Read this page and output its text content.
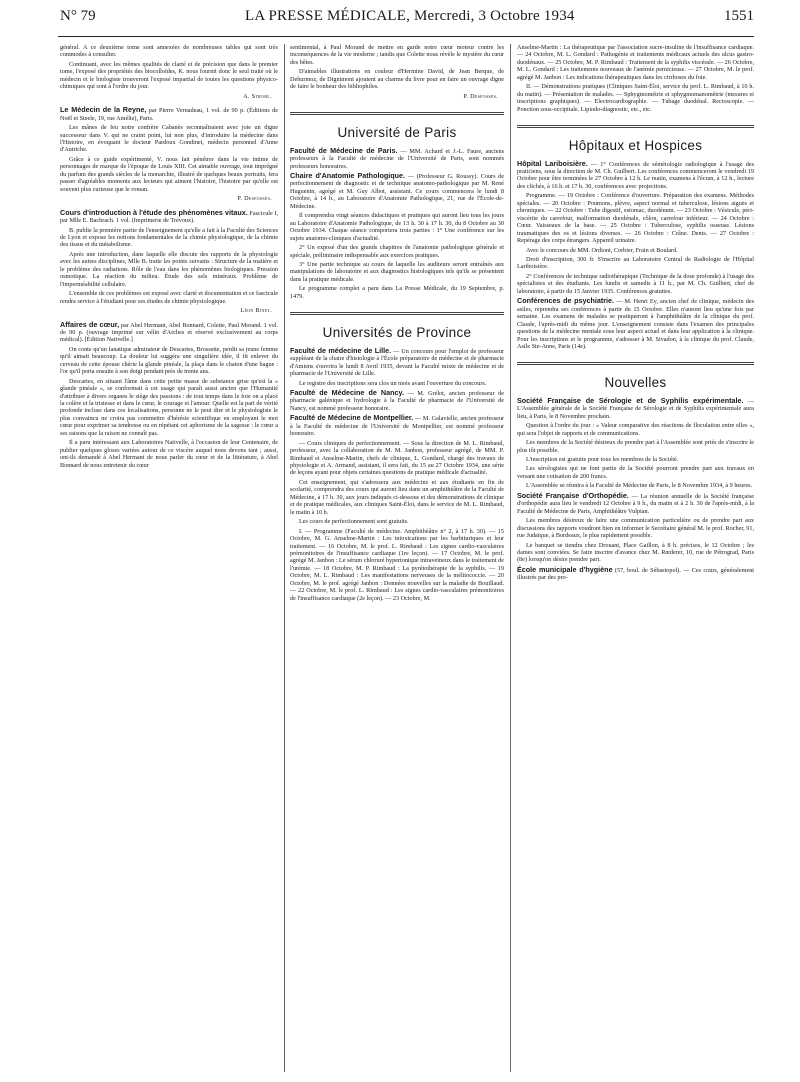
N° 79	LA PRESSE MÉDICALE, Mercredi, 3 Octobre 1934	1551

général. A ce deuxième tome sont annexées de nombreuses tables qui sont très commodes à consulter.

Continuant, avec les mêmes qualités de clarté et de précision que dans le premier tome, l'exposé des propriétés des biocolloïdes, K. nous fournit donc le seul traité où le médecin et le biologiste trouveront l'exposé impartial de toutes les questions physico-chimiques qui sont à l'ordre du jour.

A. Strohl.

Le Médecin de la Reyne, par Pierre Vernadeau, 1 vol. de 90 p. (Éditions de Noël et Steele, 19, rue Amélie), Paris.

Les mânes de feu notre confrère Cabanès reconnaîtraient avec joie un digne successeur dans V. qui ne craint point, lui non plus, d'introduire la médecine dans l'Histoire, en évoquant le docteur Pardoux Gondinet, médecin personnel d'Anne d'Autriche.

Grâce à ce guide expérimenté, V. nous fait pénétrer dans la vie intime de personnages de marque de l'époque de Louis XIII. Cet aimable ouvrage, tout imprégné du parfum des grands siècles de la monarchie, illustré de quelques beaux portraits, fera passer d'agréables moments aux lecteurs qui aiment l'histoire, l'histoire par qu'elle est souvent plus curieuse que le roman.

P. Desfosses.

Cours d'introduction à l'étude des phénomènes vitaux. Fascicule I, par Mlle E. Bachrach. 1 vol. (Imprimerie de Trévoux).

B. publie la première partie de l'enseignement qu'elle a fait à la Faculté des Sciences de Lyon et expose les notions fondamentales de la chimie physiologique, de la chimie des tissus et du métabolisme.

Après une introduction, dans laquelle elle discute des rapports de la physiologie avec les autres disciplines, Mlle B. traite les points suivants : Structure de la matière et le problème des radiations. Rôle de l'eau dans les phénomènes biologiques. Pression osmotique. La réaction du milieu. Étude des sels minéraux. Problème de l'imperméabilité cellulaire.

L'ensemble de ces problèmes est exposé avec clarté et documentation et ce fascicule rendra service à l'étudiant pour ses études de chimie physiologique.

Léon Binet.

Affaires de cœur, par Abel Hermant, Abel Bonnard, Colette, Paul Morand. 1 vol. de 90 p. (ouvrage imprimé sur vélin d'Arches et réservé exclusivement au corps médical). [Édition Nativelle.]

On conte qu'un fanatique admirateur de Descartes, Brossette, perdit sa jeune femme qu'il aimait beaucoup. La douleur lui suggéra une singulière idée, il fit enlever du cerveau de cette épouse chérie la glande pinéale, la plaça dans le chaton d'une bague : l'or qu'il porta ensuite à son doigt pendant près de trente ans.

Descartes, en situant l'âme dans cette petite masse de substance grise qu'est la « glande pinéale », se conformait à cet usage qui paraît aussi ancien que l'Humanité d'attribuer à divers organes le siège des passions : de tout temps dans le foie on a placé la colère et la tristesse et dans le cœur, le courage et l'amour. Quelle est la part de vérité profonde incluse dans ces localisations, personne ne le peut dire et le physiologiste le plus convaincu ne croira pas commettre d'hérésie scientifique en employant le mot cœur pour exprimer sa tendresse ou en répétant cet aphorisme de la sagesse : le cœur a ses raisons que la raison ne connaît pas.

Il a paru intéressant aux Laboratoires Nativelle, à l'occasion de leur Centenaire, de publier quelques gloses variées autour de ce viscère auquel nous devons tant ; aussi, ont-ils demandé à Abel Hermant de nous parler du cœur et de la littérature, à Abel Bonnard de nous entretenir du cœur

sentimental, à Paul Morand de mettre en garde notre cœur moteur contre les inconséquences de la vie moderne ; tandis que Colette nous révèle le mystère du cœur des bêtes.

D'aimables illustrations en couleur d'Hermine David, de Jean Berque, de Dehurmoz, de Dignimont ajoutent au charme du livre pour en faire un ouvrage digne de faire le bonheur des bibliophiles.

P. Desfosses.
Université de Paris

Faculté de Médecine de Paris. — MM. Achard et J.-L. Faure, anciens professeurs à la Faculté de médecine de l'Université de Paris, sont nommés professeurs honoraires.

Chaire d'Anatomie Pathologique. — (Professeur G. Roussy). Cours de perfectionnement de diagnostic et de technique anatomo-pathologique par M. René Huguenin, agrégé et M. Guy Albot, assistant. Ce cours commencera le lundi 8 Octobre, à 14 h., au Laboratoire d'Anatomie Pathologique, 21, rue de l'École-de-Médecine.

Il comprendra vingt séances didactiques et pratiques qui auront lieu tous les jours au Laboratoire d'Anatomie Pathologique, de 13 h. 30 à 17 h. 30, du 8 Octobre au 30 Octobre 1934. Chaque séance comportera trois parties : 1° Une conférence sur les sujets anatomo-cliniques d'actualité.

2° Un exposé d'un des grands chapitres de l'anatomie pathologique générale et spéciale, préliminaire indispensable aux exercices pratiques.

3° Une partie technique au cours de laquelle les auditeurs seront entraînés aux manipulations de laboratoire et aux diagnostics histologiques tels qu'ils se présentent dans la pratique médicale.

Le programme complet a paru dans La Presse Médicale, du 19 Septembre, p. 1479.

Universités de Province

Faculté de médecine de Lille. — Un concours pour l'emploi de professeur suppléant de la chaire d'histologie à l'École préparatoire de médecine et de pharmacie d'Amiens s'ouvrira le lundi 8 Avril 1935, devant la Faculté mixte de médecine et de pharmacie de l'Université de Lille.

Le registre des inscriptions sera clos un mois avant l'ouverture du concours.

Faculté de Médecine de Nancy. — M. Grélot, ancien professeur de pharmacie galénique et hydrologie à la Faculté de pharmacie de l'Université de Nancy, est nommé professeur honoraire.

Faculté de Médecine de Montpellier. — M. Galavielle, ancien professeur à la Faculté de médecine de l'Université de Montpellier, est nommé professeur honoraire.

— Cours cliniques de perfectionnement. — Sous la direction de M. L. Rimbaud, professeur, avec la collaboration de M. M. Janbon, professeur agrégé, de MM. P. Rimbaud et Anselme-Martin, chefs de clinique, L. Gondard, chargé des travaux de physiologie et A. Armand, assistant, il sera fait, du 15 au 27 Octobre 1934, une série de leçons ayant pour objets certaines questions de pratique médicale d'actualité.

Cet enseignement, qui s'adressera aux médecins et aux étudiants en fin de scolarité, comprendra des cours qui auront lieu dans un amphithéâtre de la Faculté de Médecine, à 17 h. 30, aux jours indiqués ci-dessous et des démonstrations de clinique et de pratique médicales, aux cliniques Saint-Éloi, dans le service de M. L. Rimbaud, le matin à 10 h.

Les cours de perfectionnement sont gratuits.

I. — Programme (Faculté de médecine. Amphithéâtre n° 2, à 17 h. 30). — 15 Octobre, M. G. Anselme-Martin : Les intoxications par les barbituriques et leur traitement. — 16 Octobre, M. le prof. L. Rimbaud : Les signes cardio-vasculaires prémonitoires de l'insuffisance cardiaque (1re leçon). — 17 Octobre, M. le prof. agrégé M. Janbon : Le sérum chloruré hypertonique intraveineux dans le traitement de l'urémie. — 18 Octobre, M. P. Rimbaud : La pyrétothérapie de la syphilis. — 19 Octobre, M. L. Rimbaud : Les manifestations nerveuses de la mélitococcie. — 20 Octobre, M. le prof. agrégé Janbon : Données nouvelles sur la maladie de Bouillaud. — 22 Octobre, M. le prof. L. Rimbaud : Les signes cardio-vasculaires prémonitoires de l'insuffisance cardiaque (2e leçon). — 23 Octobre, M.

Anselme-Martin : La thérapeutique par l'association sucre-insuline de l'insuffisance cardiaque. — 24 Octobre, M. L. Gondard : Pathogénie et traitements médicaux actuels des ulcus gastro-duodénaux. — 25 Octobre, M. P. Rimbaud : Traitement de la syphilis viscérale. — 26 Octobre, M. L. Gondard : Les traitements nouveaux de l'anémie pernicieuse. — 27 Octobre, M. le prof. agrégé M. Janbon : Les indications thérapeutiques dans les cirrhoses du foie.

II. — Démonstrations pratiques (Cliniques Saint-Éloi, service du prof. L. Rimbaud, à 10 h. du matin). — Présentation de malades. — Sphygmométrie et sphygmomanométrie (mesures et inscriptions graphiques). — Electrocardiographie. — Tubage duodénal. Rectoscopie. — Ponction sous-occipitale. Lipiodo-diagnostic, etc., etc.

Hôpitaux et Hospices

Hôpital Lariboisière. — 1° Conférences de séméiologie radiologique à l'usage des praticiens, sous la direction de M. Ch. Guilbert. Les conférences commenceront le vendredi 19 Octobre pour être terminées le 27 Octobre à 12 h. Le matin, examens à l'écran, à 12 h., lecture des clichés, à 16 h. et 17 h. 30, conférences avec projections.

Programme. — 19 Octobre : Conférence d'ouverture. Préparation des examens. Méthodes spéciales. — 20 Octobre : Poumons, plèvre, aspect normal et tuberculose, lésions aiguës et chroniques. — 22 Octobre : Tube digestif, estomac, duodénum. — 23 Octobre : Vésicule, péri-viscérite du carrefour, malformation duodénale, côlon, carrefour inférieur. — 24 Octobre : Cœur. Vaisseaux de la base. — 25 Octobre : Tuberculose, syphilis osseuse. Lésions traumatiques des os et lésions diverses. — 26 Octobre : Crâne. Dents. — 27 Octobre : Repérage des corps étrangers. Appareil urinaire.

Avec le concours de MM. Ordioni, Corbier, Frain et Boulard.

Droit d'inscription, 300 fr. S'inscrire au Laboratoire Central de Radiologie de l'Hôpital Lariboisière.

2° Conférences de technique radiothérapique (Technique de la dose profonde) à l'usage des spécialistes et des étudiants. Les lundis et samedis à 11 h., par M. Ch. Guilbert, chef de laboratoire, à partir du 15 Janvier 1935. Conférences gratuites.

Conférences de psychiatrie. — M. Henri Ey, ancien chef de clinique, médecin des asiles, reprendra ses conférences à partir du 15 Octobre. Elles n'auront lieu qu'une fois par semaine. Les examens de malades se pratiqueront à l'amphithéâtre de la clinique du prof. Claude, l'après-midi du même jour. L'enseignement consiste dans l'examen des principales questions de la médecine mentale sous leur aspect actuel et dans leur application à la clinique. Pour les inscriptions et le programme, s'adresser à M. Sivadon, à la clinique du prof. Claude, Asile Ste-Anne, Paris (14e).

Nouvelles

Société Française de Sérologie et de Syphilis expérimentale. — L'Assemblée générale de la Société Française de Sérologie et de Syphilis expérimentale aura lieu, à Paris, le 8 Novembre prochain.

Question à l'ordre du jour : « Valeur comparative des réactions de floculation entre elles », qui sera l'objet de rapports et de communications.

Les membres de la Société désireux de prendre part à l'Assemblée sont priés de s'inscrire le plus tôt possible.

L'inscription est gratuite pour tous les membres de la Société.

Les sérologistes qui ne font partie de la Société pourront prendre part aux travaux en versant une cotisation de 200 francs.

L'Assemblée se réunira à la Faculté de Médecine de Paris, le 8 Novembre 1934, à 9 heures.

Société Française d'Orthopédie. — La réunion annuelle de la Société française d'orthopédie aura lieu le vendredi 12 Octobre à 9 h., du matin et à 2 h. 30 de l'après-midi, à la Faculté de Médecine de Paris, Amphithéâtre Vulpian.

Les membres désireux de faire une communication particulière ou de prendre part aux discussions des rapports voudront bien en informer le Secrétaire général M. le prof. Rocher, 91, rue Judaïque, à Bordeaux, le plus rapidement possible.

Le banquet se tiendra chez Drouant, Place Gaillon, à 8 h. précises, le 12 Octobre ; les dames sont conviées. Se faire inscrire d'avance chez M. Rœderer, 10, rue de Pétrograd, Paris (8e) lorsqu'on désire prendre part.

École municipale d'hygiène (57, boul. de Sébastopol). — Ces cours, généralement illustrés par des pro-
